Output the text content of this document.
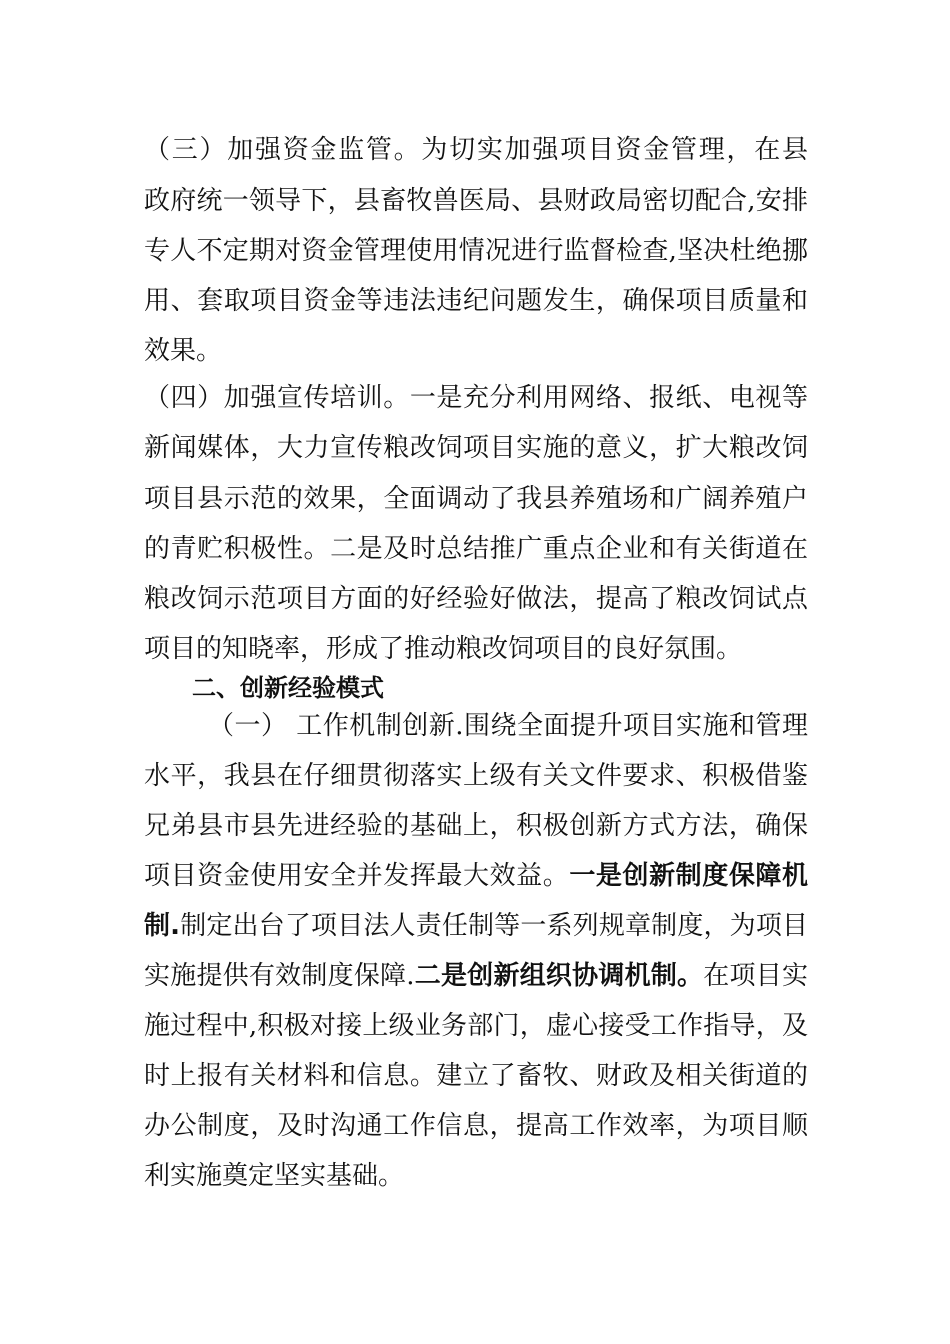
（三）加强资金监管。为切实加强项目资金管理，在县
政府统一领导下，县畜牧兽医局、县财政局密切配合,安排
专人不定期对资金管理使用情况进行监督检查,坚决杜绝挪
用、套取项目资金等违法违纪问题发生，确保项目质量和
效果。
（四）加强宣传培训。一是充分利用网络、报纸、电视等
新闻媒体，大力宣传粮改饲项目实施的意义，扩大粮改饲
项目县示范的效果，全面调动了我县养殖场和广阔养殖户
的青贮积极性。二是及时总结推广重点企业和有关街道在
粮改饲示范项目方面的好经验好做法，提高了粮改饲试点
项目的知晓率，形成了推动粮改饲项目的良好氛围。
二、创新经验模式
（一） 工作机制创新.围绕全面提升项目实施和管理
水平，我县在仔细贯彻落实上级有关文件要求、积极借鉴
兄弟县市县先进经验的基础上，积极创新方式方法，确保
项目资金使用安全并发挥最大效益。一是创新制度保障机
制.制定出台了项目法人责任制等一系列规章制度，为项目
实施提供有效制度保障.二是创新组织协调机制。在项目实
施过程中,积极对接上级业务部门，虚心接受工作指导，及
时上报有关材料和信息。建立了畜牧、财政及相关街道的
办公制度，及时沟通工作信息，提高工作效率，为项目顺
利实施奠定坚实基础。
